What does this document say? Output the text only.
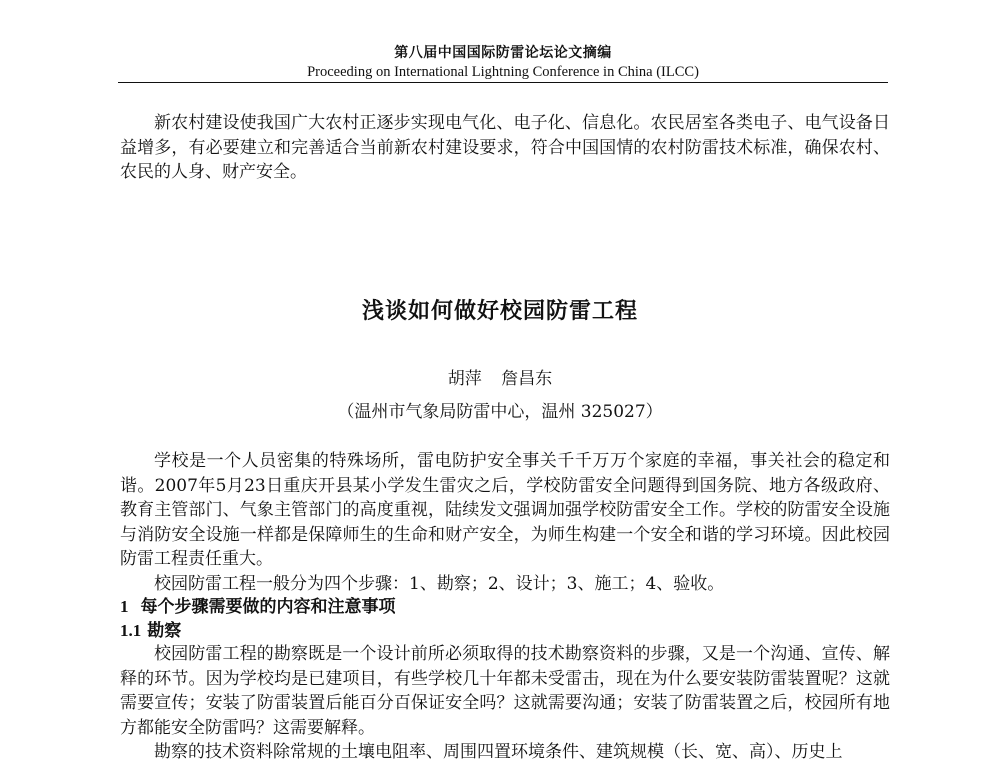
第八届中国国际防雷论坛论文摘编
Proceeding on International Lightning Conference in China (ILCC)

新农村建设使我国广大农村正逐步实现电气化、电子化、信息化。农民居室各类电子、电气设备日益增多，有必要建立和完善适合当前新农村建设要求，符合中国国情的农村防雷技术标准，确保农村、农民的人身、财产安全。

浅谈如何做好校园防雷工程
胡萍 詹昌东
（温州市气象局防雷中心，温州 325027）

学校是一个人员密集的特殊场所，雷电防护安全事关千千万万个家庭的幸福，事关社会的稳定和谐。2007年5月23日重庆开县某小学发生雷灾之后，学校防雷安全问题得到国务院、地方各级政府、教育主管部门、气象主管部门的高度重视，陆续发文强调加强学校防雷安全工作。学校的防雷安全设施与消防安全设施一样都是保障师生的生命和财产安全，为师生构建一个安全和谐的学习环境。因此校园防雷工程责任重大。

校园防雷工程一般分为四个步骤：1、勘察；2、设计；3、施工；4、验收。

1 每个步骤需要做的内容和注意事项
1.1 勘察

校园防雷工程的勘察既是一个设计前所必须取得的技术勘察资料的步骤，又是一个沟通、宣传、解释的环节。因为学校均是已建项目，有些学校几十年都未受雷击，现在为什么要安装防雷装置呢？这就需要宣传；安装了防雷装置后能百分百保证安全吗？这就需要沟通；安装了防雷装置之后，校园所有地方都能安全防雷吗？这需要解释。

勘察的技术资料除常规的土壤电阻率、周围四置环境条件、建筑规模（长、宽、高）、历史上
